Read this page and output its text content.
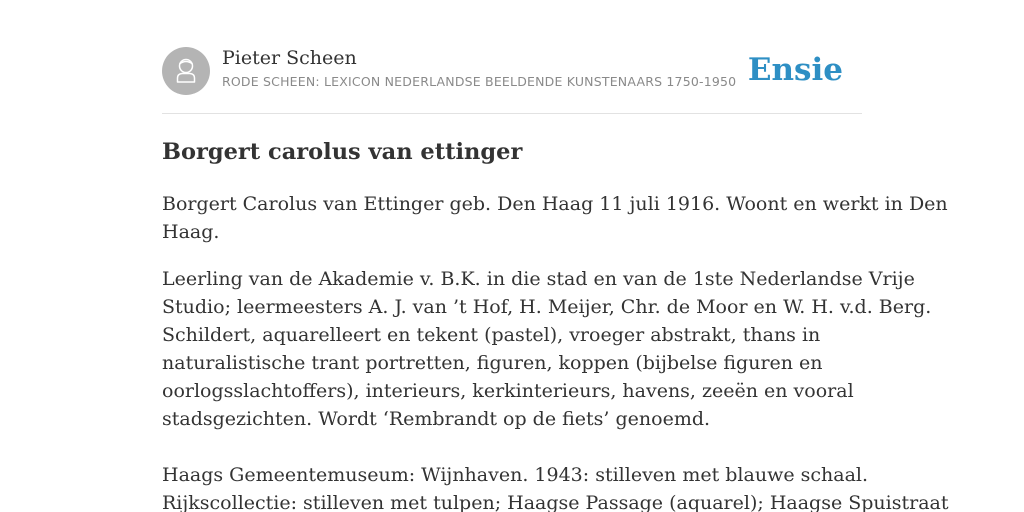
Pieter Scheen
RODE SCHEEN: LEXICON NEDERLANDSE BEELDENDE KUNSTENAARS 1750-1950 Ensie
Borgert carolus van ettinger

Borgert Carolus van Ettinger geb. Den Haag 11 juli 1916. Woont en werkt in Den
Haag.

Leerling van de Akademie v. B.K. in die stad en van de 1ste Nederlandse Vrije
Studio; leermeesters A. J. van ’t Hof, H. Meijer, Chr. de Moor en W. H. v.d. Berg.
Schildert, aquarelleert en tekent (pastel), vroeger abstrakt, thans in
naturalistische trant portretten, figuren, koppen (bijbelse figuren en
oorlogsslachtoffers), interieurs, kerkinterieurs, havens, zeeën en vooral
stadsgezichten. Wordt ‘Rembrandt op de fiets’ genoemd.

Haags Gemeentemuseum: Wijnhaven. 1943: stilleven met blauwe schaal.
Rijkscollectie: stilleven met tulpen; Haagse Passage (aquarel); Haagse Spuistraat
